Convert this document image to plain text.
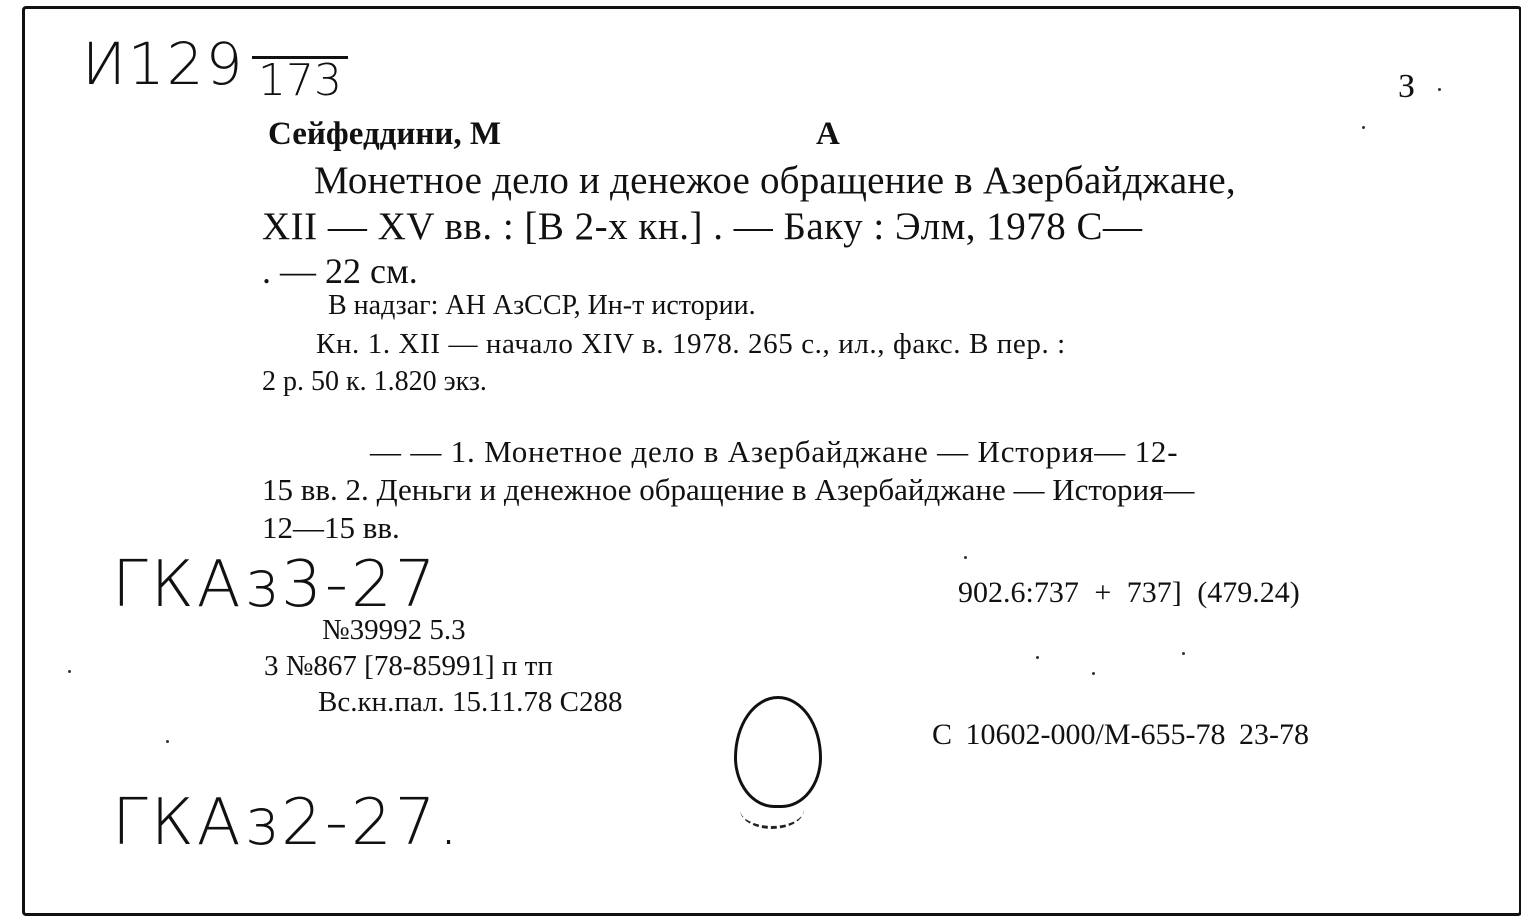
И129 173	З
Сейфеддини, М	А
Монетное дело и денежое обращение в Азербайджане,
XII — XV вв. : [В 2-х кн.] . — Баку : Элм, 1978 С—
. — 22 см.
В надзаг: АН АзССР, Ин-т истории.
Кн. 1. XII — начало XIV в. 1978. 265 с., ил., факс. В пер. :
2 р. 50 к. 1.820 экз.
— — 1. Монетное дело в Азербайджане — История— 12-
15 вв. 2. Деньги и денежное обращение в Азербайджане — История—
12—15 вв.
ГКАз3-27	902.6:737 + 737] (479.24)
№39992 5.3
3 №867 [78-85991] п тп
Вс.кн.пал. 15.11.78 С288
С 10602-000/М-655-78 23-78
ГКАз2-27.
